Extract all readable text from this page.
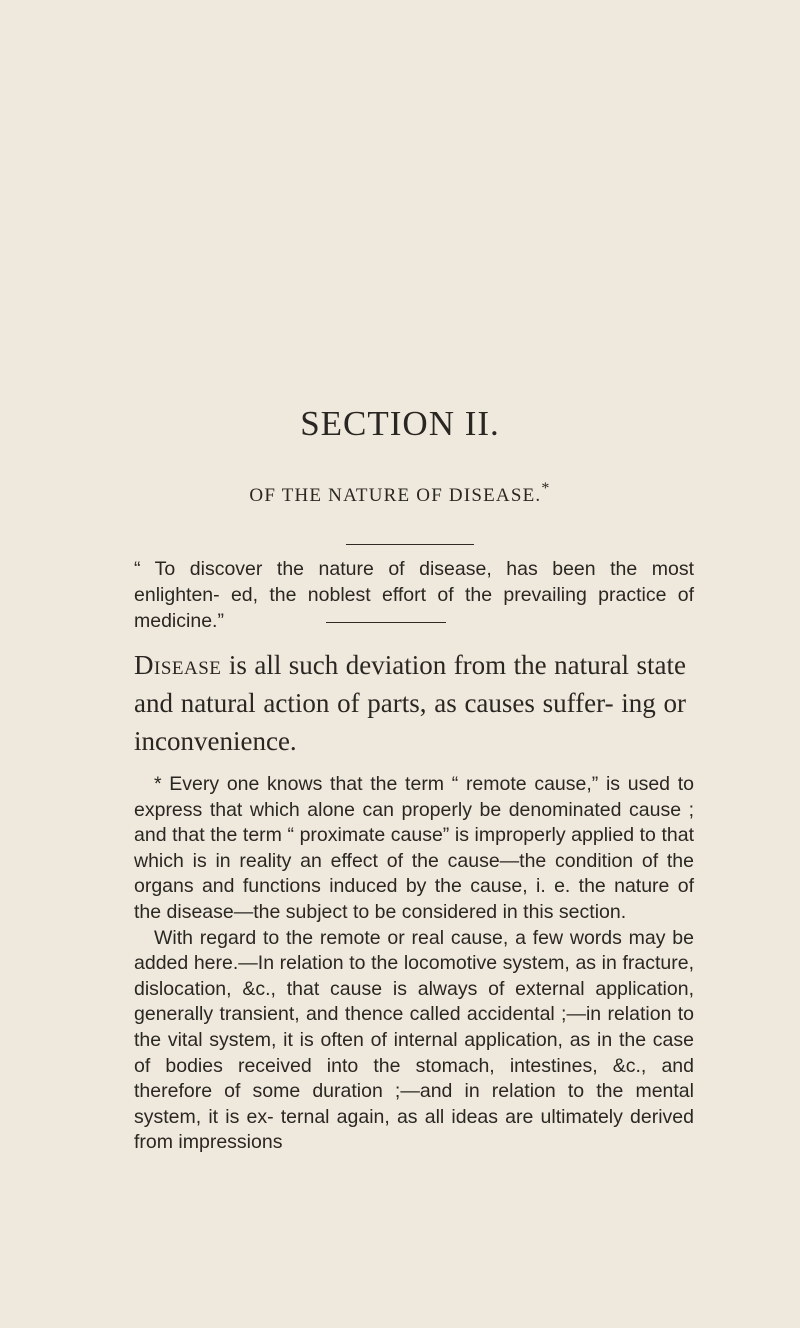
SECTION II.
OF THE NATURE OF DISEASE.*

“ To discover the nature of disease, has been the most enlighten- ed, the noblest effort of the prevailing practice of medicine.”

Disease is all such deviation from the natural state and natural action of parts, as causes suffer- ing or inconvenience.

* Every one knows that the term “ remote cause,” is used to express that which alone can properly be denominated cause ; and that the term “ proximate cause” is improperly applied to that which is in reality an effect of the cause—the condition of the organs and functions induced by the cause, i. e. the nature of the disease—the subject to be considered in this section.

With regard to the remote or real cause, a few words may be added here.—In relation to the locomotive system, as in fracture, dislocation, &c., that cause is always of external application, generally transient, and thence called accidental ;—in relation to the vital system, it is often of internal application, as in the case of bodies received into the stomach, intestines, &c., and therefore of some duration ;—and in relation to the mental system, it is ex- ternal again, as all ideas are ultimately derived from impressions
